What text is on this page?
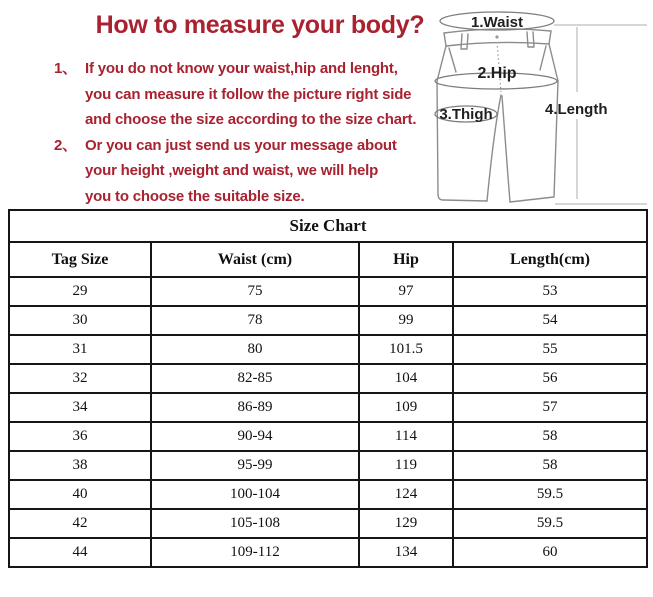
How to measure your body?
1、 If you do not know your waist,hip and lenght,
you can measure it follow the picture right side
and choose the size according to the size chart.
2、 Or you can just send us your message about
your height ,weight and waist, we will help
you to choose the suitable size.
1.Waist
2.Hip
3.Thigh	4.Length
Size Chart			
Tag Size	Waist (cm)	Hip	Length(cm)
29	75	97	53
30	78	99	54
31	80	101.5	55
32	82-85	104	56
34	86-89	109	57
36	90-94	114	58
38	95-99	119	58
40	100-104	124	59.5
42	105-108	129	59.5
44	109-112	134	60
